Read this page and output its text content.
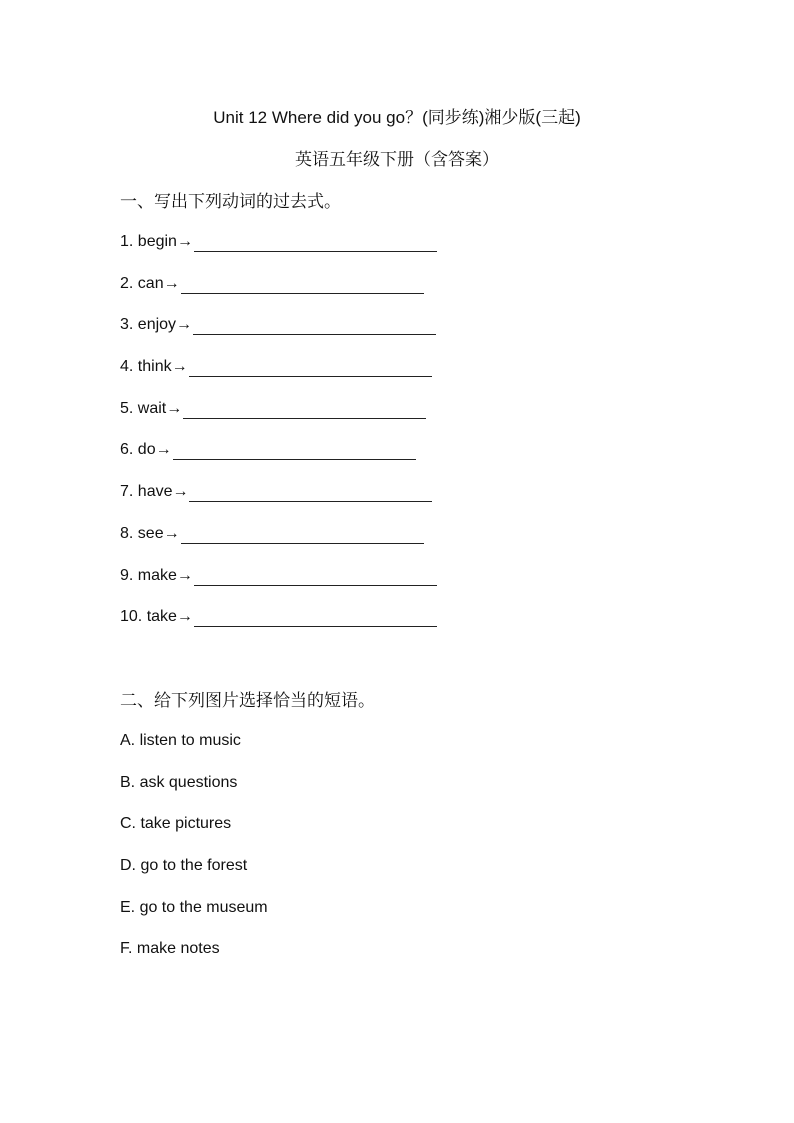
Unit 12 Where did you go？(同步练)湘少版(三起)
英语五年级下册（含答案）
一、写出下列动词的过去式。
1. begin→
2. can→
3. enjoy→
4. think→
5. wait→
6. do→
7. have→
8. see→
9. make→
10. take→
二、给下列图片选择恰当的短语。
A. listen to music
B. ask questions
C. take pictures
D. go to the forest
E. go to the museum
F. make notes
